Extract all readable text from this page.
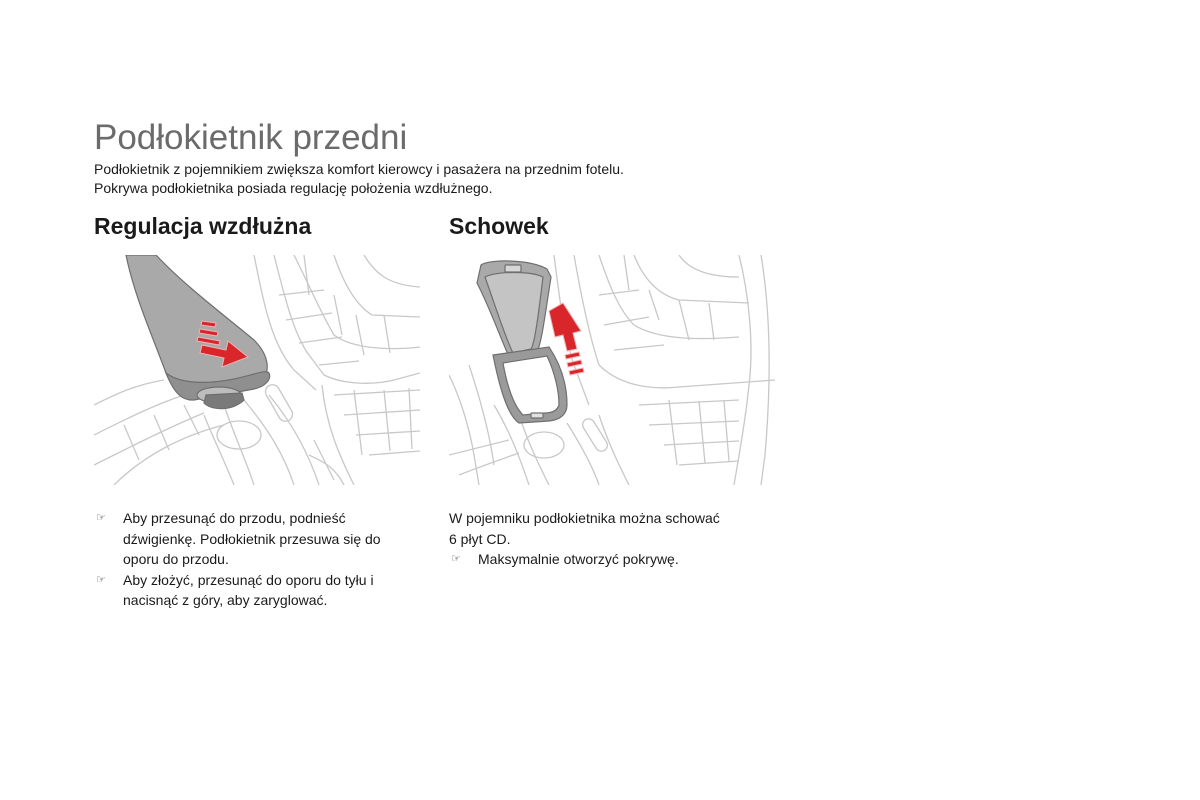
Podłokietnik przedni

Podłokietnik z pojemnikiem zwiększa komfort kierowcy i pasażera na przednim fotelu.

Pokrywa podłokietnika posiada regulację położenia wzdłużnego.

Regulacja wzdłużna
☞ Aby przesunąć do przodu, podnieść

dźwigienkę. Podłokietnik przesuwa się do

oporu do przodu.

☞ Aby złożyć, przesunąć do oporu do tyłu i

nacisnąć z góry, aby zaryglować.

Schowek

W pojemniku podłokietnika można schować

6 płyt CD.

☞ Maksymalnie otworzyć pokrywę.
